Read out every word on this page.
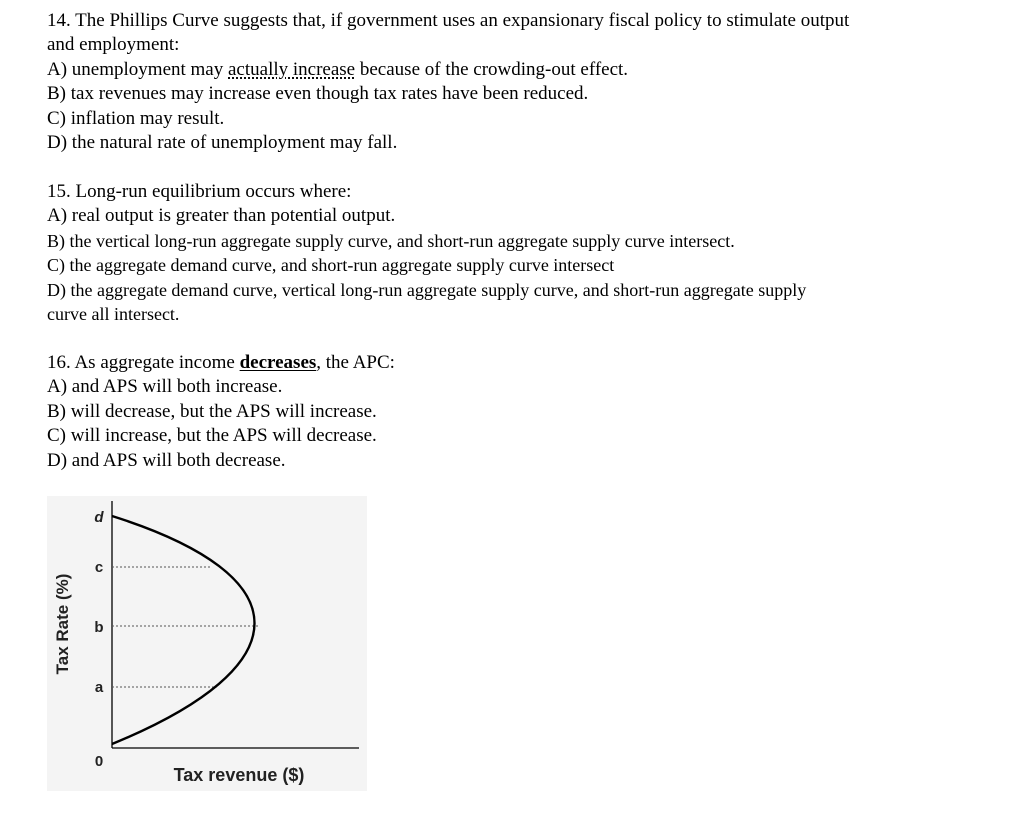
14. The Phillips Curve suggests that, if government uses an expansionary fiscal policy to stimulate output

and employment:

A) unemployment may actually increase because of the crowding-out effect.

B) tax revenues may increase even though tax rates have been reduced.

C) inflation may result.

D) the natural rate of unemployment may fall.

15. Long-run equilibrium occurs where:

A) real output is greater than potential output.

B) the vertical long-run aggregate supply curve, and short-run aggregate supply curve intersect.

C) the aggregate demand curve, and short-run aggregate supply curve intersect

D) the aggregate demand curve, vertical long-run aggregate supply curve, and short-run aggregate supply

curve all intersect.

16. As aggregate income decreases, the APC:

A) and APS will both increase.

B) will decrease, but the APS will increase.

C) will increase, but the APS will decrease.

D) and APS will both decrease.

d
c
b
a
0
Tax Rate (%)
Tax revenue ($)
